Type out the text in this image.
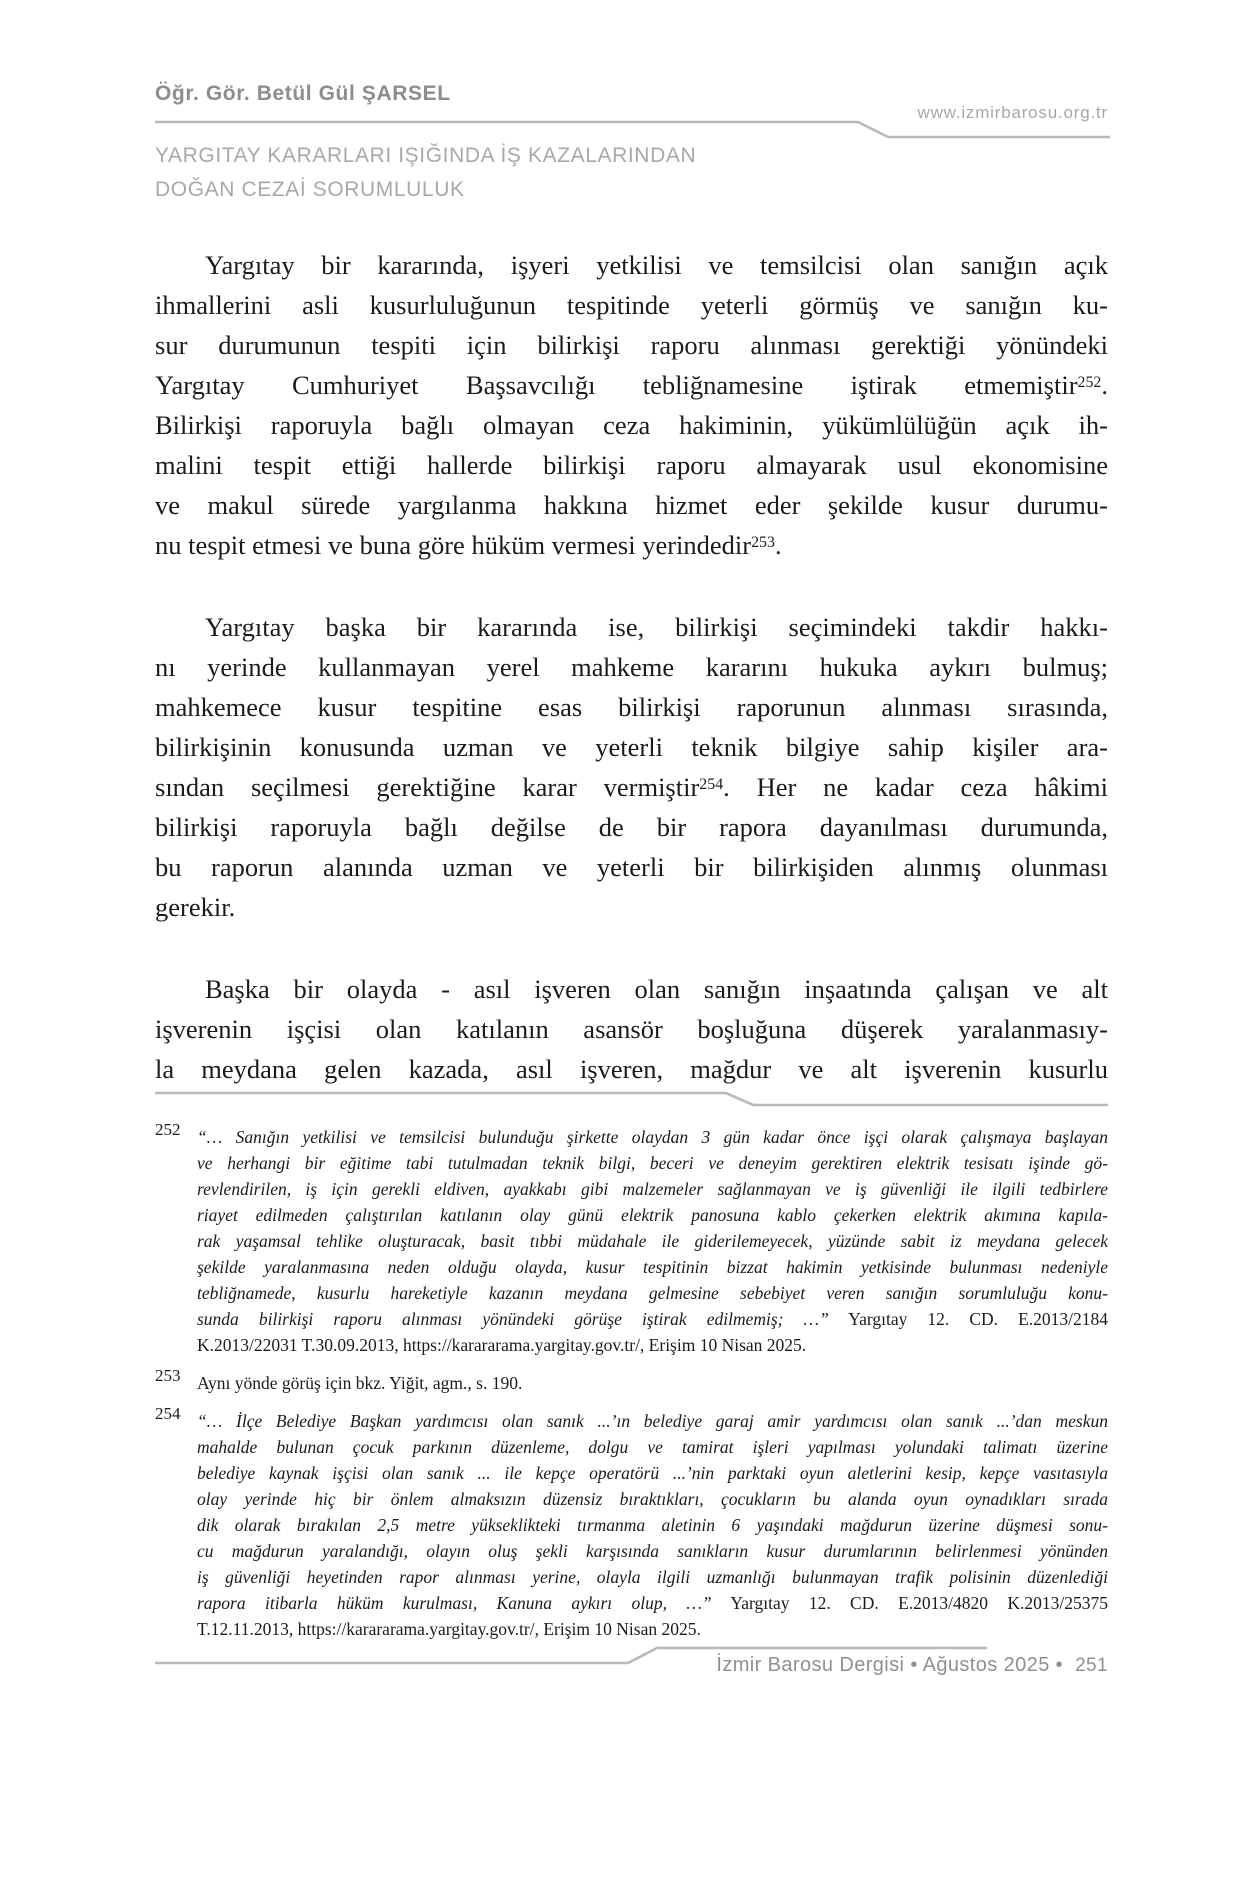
Öğr. Gör. Betül Gül ŞARSEL
www.izmirbarosu.org.tr
YARGITAY KARARLARI IŞIĞINDA İŞ KAZALARINDAN
DOĞAN CEZAİ SORUMLULUK
Yargıtay bir kararında, işyeri yetkilisi ve temsilcisi olan sanığın açık
ihmallerini asli kusurluluğunun tespitinde yeterli görmüş ve sanığın ku-
sur durumunun tespiti için bilirkişi raporu alınması gerektiği yönündeki
Yargıtay Cumhuriyet Başsavcılığı tebliğnamesine iştirak etmemiştir$^{252}$.
Bilirkişi raporuyla bağlı olmayan ceza hakiminin, yükümlülüğün açık ih-
malini tespit ettiği hallerde bilirkişi raporu almayarak usul ekonomisine
ve makul sürede yargılanma hakkına hizmet eder şekilde kusur durumu-
nu tespit etmesi ve buna göre hüküm vermesi yerindedir$^{253}$.
Yargıtay başka bir kararında ise, bilirkişi seçimindeki takdir hakkı-
nı yerinde kullanmayan yerel mahkeme kararını hukuka aykırı bulmuş;
mahkemece kusur tespitine esas bilirkişi raporunun alınması sırasında,
bilirkişinin konusunda uzman ve yeterli teknik bilgiye sahip kişiler ara-
sından seçilmesi gerektiğine karar vermiştir$^{254}$. Her ne kadar ceza hâkimi
bilirkişi raporuyla bağlı değilse de bir rapora dayanılması durumunda,
bu raporun alanında uzman ve yeterli bir bilirkişiden alınmış olunması
gerekir.
Başka bir olayda - asıl işveren olan sanığın inşaatında çalışan ve alt
işverenin işçisi olan katılanın asansör boşluğuna düşerek yaralanmasıy-
la meydana gelen kazada, asıl işveren, mağdur ve alt işverenin kusurlu
252 “… Sanığın yetkilisi ve temsilcisi bulunduğu şirkette olaydan 3 gün kadar önce işçi olarak çalışmaya başlayan
ve herhangi bir eğitime tabi tutulmadan teknik bilgi, beceri ve deneyim gerektiren elektrik tesisatı işinde gö-
revlendirilen, iş için gerekli eldiven, ayakkabı gibi malzemeler sağlanmayan ve iş güvenliği ile ilgili tedbirlere
riayet edilmeden çalıştırılan katılanın olay günü elektrik panosuna kablo çekerken elektrik akımına kapıla-
rak yaşamsal tehlike oluşturacak, basit tıbbi müdahale ile giderilemeyecek, yüzünde sabit iz meydana gelecek
şekilde yaralanmasına neden olduğu olayda, kusur tespitinin bizzat hakimin yetkisinde bulunması nedeniyle
tebliğnamede, kusurlu hareketiyle kazanın meydana gelmesine sebebiyet veren sanığın sorumluluğu konu-
sunda bilirkişi raporu alınması yönündeki görüşe iştirak edilmemiş; …” Yargıtay 12. CD. E.2013/2184
K.2013/22031 T.30.09.2013, https://karararama.yargitay.gov.tr/, Erişim 10 Nisan 2025.
253 Aynı yönde görüş için bkz. Yiğit, agm., s. 190.
254 “… İlçe Belediye Başkan yardımcısı olan sanık ...’ın belediye garaj amir yardımcısı olan sanık ...’dan meskun
mahalde bulunan çocuk parkının düzenleme, dolgu ve tamirat işleri yapılması yolundaki talimatı üzerine
belediye kaynak işçisi olan sanık ... ile kepçe operatörü ...’nin parktaki oyun aletlerini kesip, kepçe vasıtasıyla
olay yerinde hiç bir önlem almaksızın düzensiz bıraktıkları, çocukların bu alanda oyun oynadıkları sırada
dik olarak bırakılan 2,5 metre yükseklikteki tırmanma aletinin 6 yaşındaki mağdurun üzerine düşmesi sonu-
cu mağdurun yaralandığı, olayın oluş şekli karşısında sanıkların kusur durumlarının belirlenmesi yönünden
iş güvenliği heyetinden rapor alınması yerine, olayla ilgili uzmanlığı bulunmayan trafik polisinin düzenlediği
rapora itibarla hüküm kurulması, Kanuna aykırı olup, …” Yargıtay 12. CD. E.2013/4820 K.2013/25375
T.12.11.2013, https://karararama.yargitay.gov.tr/, Erişim 10 Nisan 2025.
İzmir Barosu Dergisi • Ağustos 2025 • 251
